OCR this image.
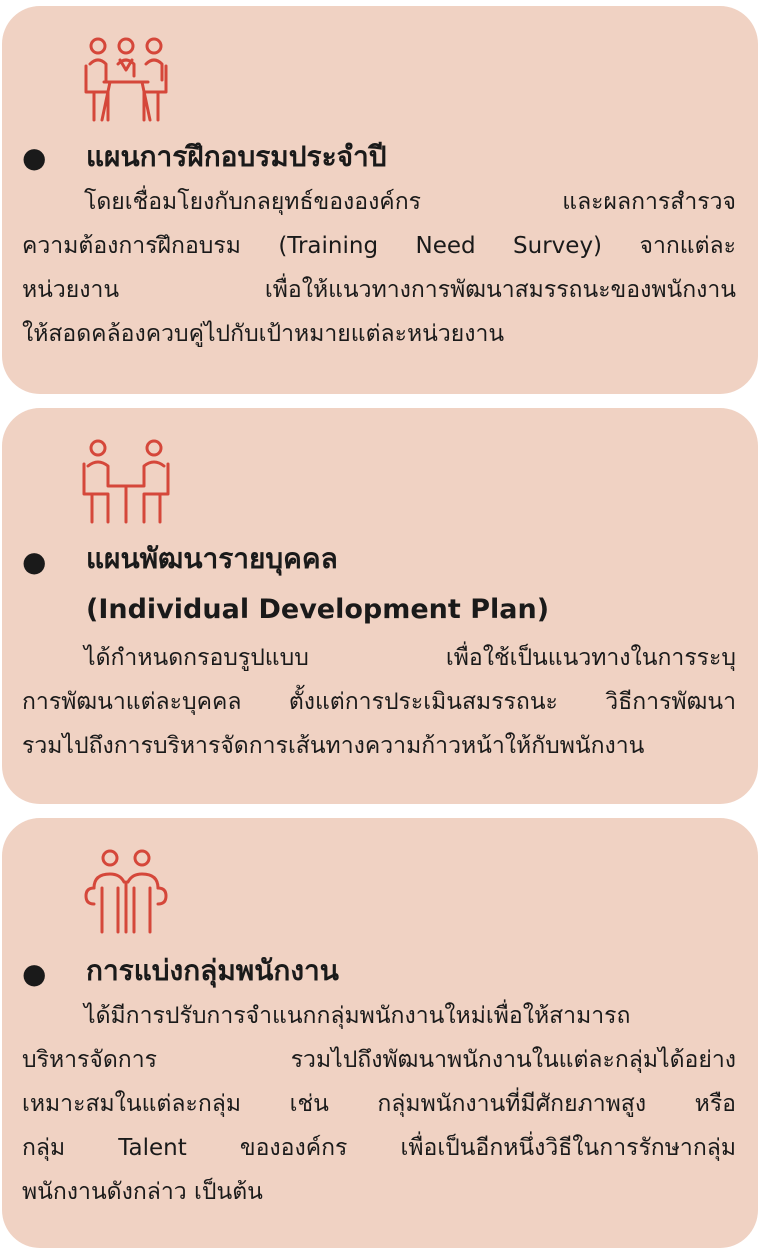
● แผนการฝึกอบรมประจำปี
โดยเชื่อมโยงกับกลยุทธ์ขององค์กร และผลการสำรวจ
ความต้องการฝึกอบรม (Training Need Survey) จากแต่ละ
หน่วยงาน เพื่อให้แนวทางการพัฒนาสมรรถนะของพนักงาน
ให้สอดคล้องควบคู่ไปกับเป้าหมายแต่ละหน่วยงาน
● แผนพัฒนารายบุคคล
(Individual Development Plan)
ได้กำหนดกรอบรูปแบบ เพื่อใช้เป็นแนวทางในการระบุ
การพัฒนาแต่ละบุคคล ตั้งแต่การประเมินสมรรถนะ วิธีการพัฒนา
รวมไปถึงการบริหารจัดการเส้นทางความก้าวหน้าให้กับพนักงาน
● การแบ่งกลุ่มพนักงาน
ได้มีการปรับการจำแนกกลุ่มพนักงานใหม่เพื่อให้สามารถ
บริหารจัดการ รวมไปถึงพัฒนาพนักงานในแต่ละกลุ่มได้อย่าง
เหมาะสมในแต่ละกลุ่ม เช่น กลุ่มพนักงานที่มีศักยภาพสูง หรือ
กลุ่ม Talent ขององค์กร เพื่อเป็นอีกหนึ่งวิธีในการรักษากลุ่ม
พนักงานดังกล่าว เป็นต้น
